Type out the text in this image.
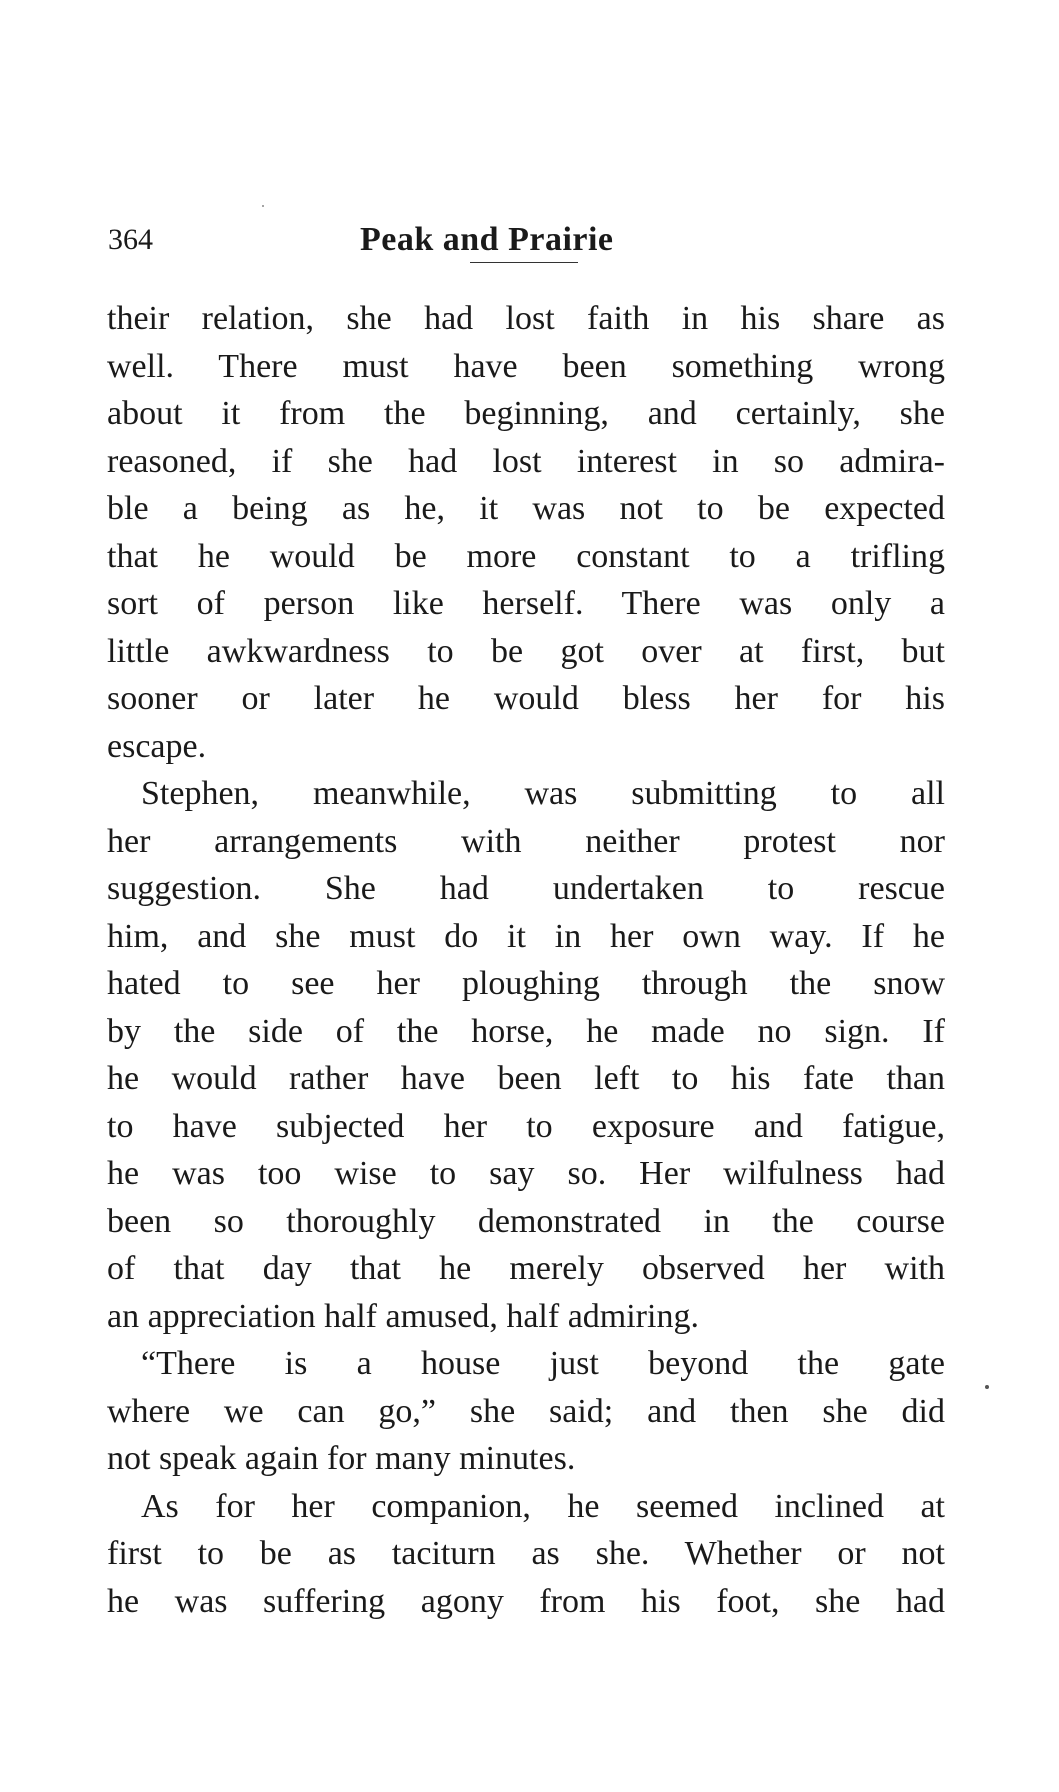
364	Peak and Prairie
their relation, she had lost faith in his share as
well. There must have been something wrong
about it from the beginning, and certainly, she
reasoned, if she had lost interest in so admira-
ble a being as he, it was not to be expected
that he would be more constant to a trifling
sort of person like herself. There was only a
little awkwardness to be got over at first, but
sooner or later he would bless her for his
escape.
Stephen, meanwhile, was submitting to all
her arrangements with neither protest nor
suggestion. She had undertaken to rescue
him, and she must do it in her own way. If he
hated to see her ploughing through the snow
by the side of the horse, he made no sign. If
he would rather have been left to his fate than
to have subjected her to exposure and fatigue,
he was too wise to say so. Her wilfulness had
been so thoroughly demonstrated in the course
of that day that he merely observed her with
an appreciation half amused, half admiring.
“There is a house just beyond the gate
where we can go,” she said; and then she did
not speak again for many minutes.
As for her companion, he seemed inclined at
first to be as taciturn as she. Whether or not
he was suffering agony from his foot, she had
